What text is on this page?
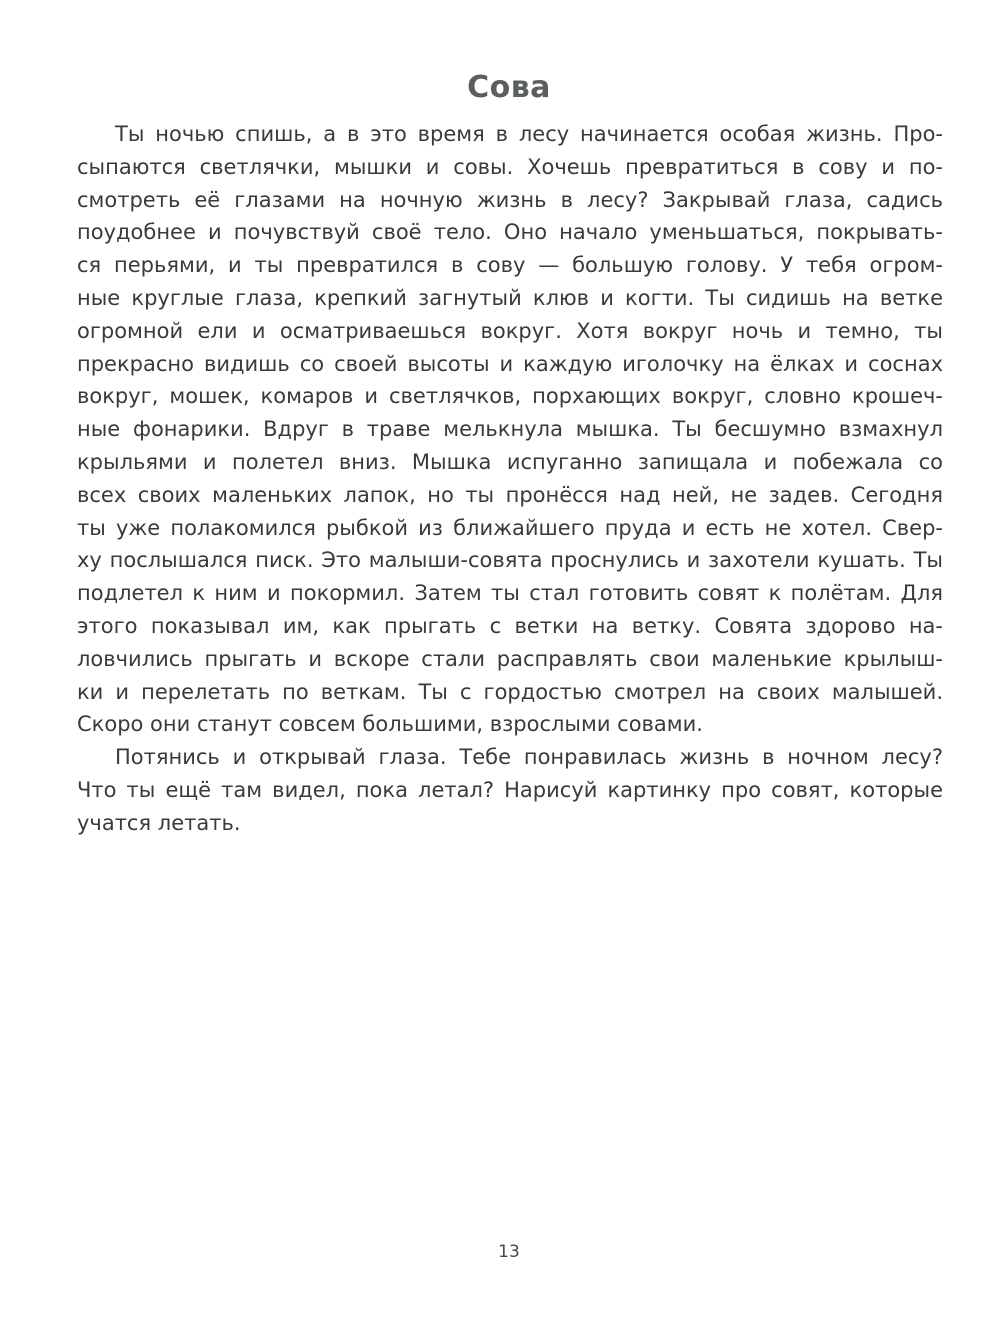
Сова
Ты ночью спишь, а в это время в лесу начинается особая жизнь. Про-
сыпаются светлячки, мышки и совы. Хочешь превратиться в сову и по-
смотреть её глазами на ночную жизнь в лесу? Закрывай глаза, садись
поудобнее и почувствуй своё тело. Оно начало уменьшаться, покрывать-
ся перьями, и ты превратился в сову — большую голову. У тебя огром-
ные круглые глаза, крепкий загнутый клюв и когти. Ты сидишь на ветке
огромной ели и осматриваешься вокруг. Хотя вокруг ночь и темно, ты
прекрасно видишь со своей высоты и каждую иголочку на ёлках и соснах
вокруг, мошек, комаров и светлячков, порхающих вокруг, словно крошеч-
ные фонарики. Вдруг в траве мелькнула мышка. Ты бесшумно взмахнул
крыльями и полетел вниз. Мышка испуганно запищала и побежала со
всех своих маленьких лапок, но ты пронёсся над ней, не задев. Сегодня
ты уже полакомился рыбкой из ближайшего пруда и есть не хотел. Свер-
ху послышался писк. Это малыши-совята проснулись и захотели кушать. Ты
подлетел к ним и покормил. Затем ты стал готовить совят к полётам. Для
этого показывал им, как прыгать с ветки на ветку. Совята здорово на-
ловчились прыгать и вскоре стали расправлять свои маленькие крылыш-
ки и перелетать по веткам. Ты с гордостью смотрел на своих малышей.
Скоро они станут совсем большими, взрослыми совами.
Потянись и открывай глаза. Тебе понравилась жизнь в ночном лесу?
Что ты ещё там видел, пока летал? Нарисуй картинку про совят, которые
учатся летать.
13
